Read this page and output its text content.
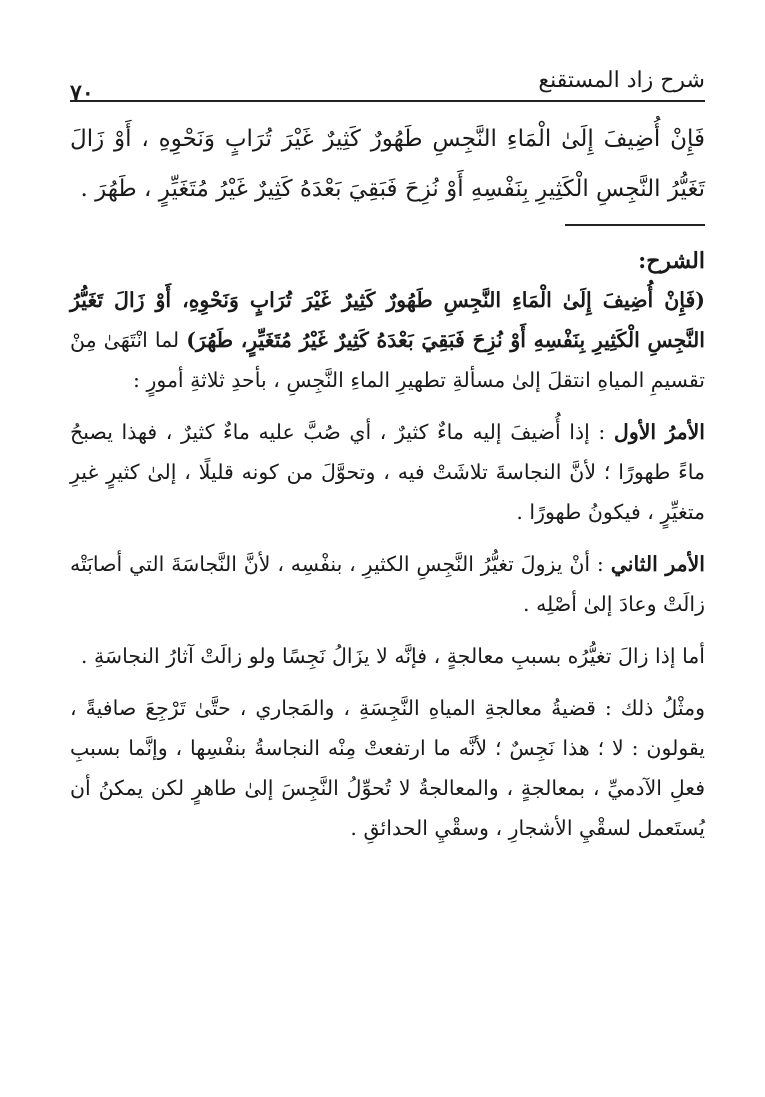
شرح زاد المستقنع
٧٠
فَإِنْ أُضِيفَ إِلَىٰ الْمَاءِ النَّجِسِ طَهُورٌ كَثِيرٌ غَيْرَ تُرَابٍ وَنَحْوِهِ ، أَوْ زَالَ تَغَيُّرُ النَّجِسِ الْكَثِيرِ بِنَفْسِهِ أَوْ نُزِحَ فَبَقِيَ بَعْدَهُ كَثِيرٌ غَيْرُ مُتَغَيِّرٍ ، طَهُرَ .
الشرح:
(فَإِنْ أُضِيفَ إِلَىٰ الْمَاءِ النَّجِسِ طَهُورٌ كَثِيرٌ غَيْرَ تُرَابٍ وَنَحْوِهِ، أَوْ زَالَ تَغَيُّرُ النَّجِسِ الْكَثِيرِ بِنَفْسِهِ أَوْ نُزِحَ فَبَقِيَ بَعْدَهُ كَثِيرٌ غَيْرُ مُتَغَيِّرٍ، طَهُرَ) لما انْتَهَىٰ مِنْ تقسيمِ المياهِ انتقلَ إلىٰ مسألةِ تطهيرِ الماءِ النَّجِسِ ، بأحدِ ثلاثةِ أمورٍ :
الأمرُ الأول : إذا أُضيفَ إليه ماءٌ كثيرٌ ، أي صُبَّ عليه ماءٌ كثيرٌ ، فهذا يصبحُ ماءً طهورًا ؛ لأنَّ النجاسةَ تلاشَتْ فيه ، وتحوَّلَ من كونه قليلًا ، إلىٰ كثيرٍ غيرِ متغيِّرٍ ، فيكونُ طهورًا .
الأمر الثاني : أنْ يزولَ تغيُّرُ النَّجِسِ الكثيرِ ، بنفْسِه ، لأنَّ النَّجاسَةَ التي أصابَتْه زالَتْ وعادَ إلىٰ أصْلِه .
أما إذا زالَ تغيُّرُه بسببِ معالجةٍ ، فإنَّه لا يزَالُ نَجِسًا ولو زالَتْ آثارُ النجاسَةِ .
ومثْلُ ذلك : قضيةُ معالجةِ المياهِ النَّجِسَةِ ، والمَجاري ، حتَّىٰ تَرْجِعَ صافيةً ، يقولون : لا ؛ هذا نَجِسٌ ؛ لأنَّه ما ارتفعتْ مِنْه النجاسةُ بنفْسِها ، وإنَّما بسببِ فعلِ الآدميِّ ، بمعالجةٍ ، والمعالجةُ لا تُحوِّلُ النَّجِسَ إلىٰ طاهرٍ لكن يمكنُ أن يُستَعمل لسقْيِ الأشجارِ ، وسقْيِ الحدائقِ .
